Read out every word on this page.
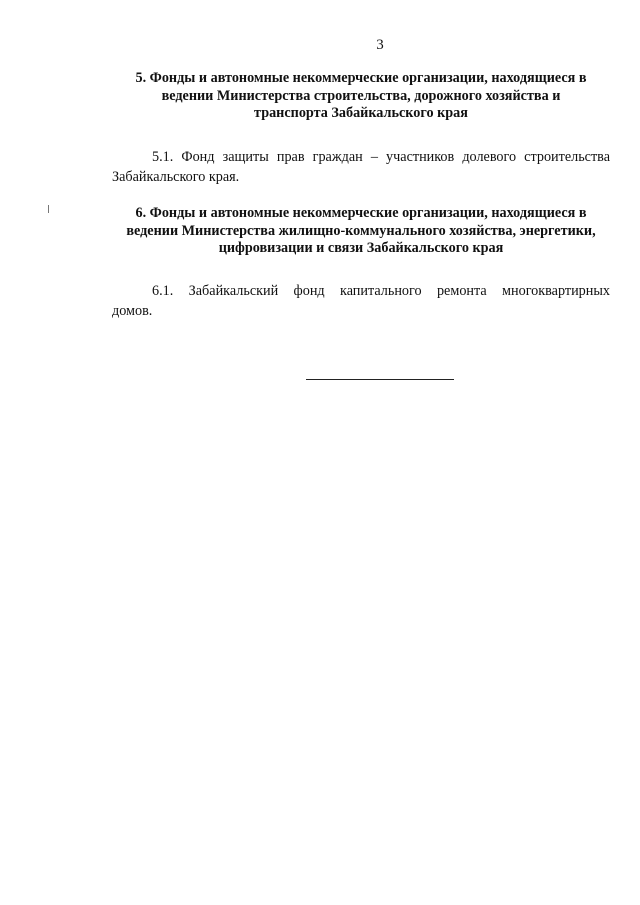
3
5. Фонды и автономные некоммерческие организации, находящиеся в
ведении Министерства строительства, дорожного хозяйства и
транспорта Забайкальского края
5.1. Фонд защиты прав граждан – участников долевого строительства
Забайкальского края.
6. Фонды и автономные некоммерческие организации, находящиеся в
ведении Министерства жилищно-коммунального хозяйства, энергетики,
цифровизации и связи Забайкальского края
6.1. Забайкальский фонд капитального ремонта многоквартирных
домов.
